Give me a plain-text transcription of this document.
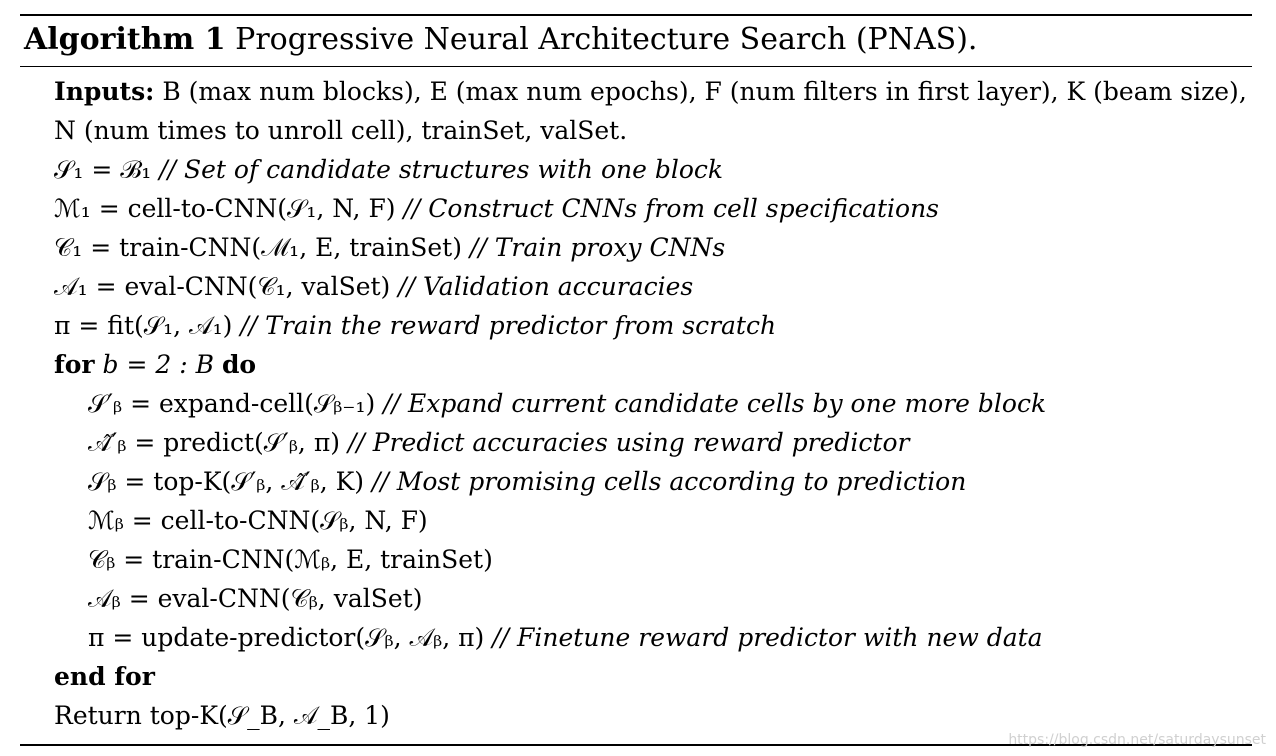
Algorithm 1 Progressive Neural Architecture Search (PNAS).
Inputs: B (max num blocks), E (max num epochs), F (num filters in first layer), K (beam size), N (num times to unroll cell), trainSet, valSet.
𝒮₁ = ℬ₁ // Set of candidate structures with one block
ℳ₁ = cell-to-CNN(𝒮₁, N, F) // Construct CNNs from cell specifications
𝒞₁ = train-CNN(ℳ₁, E, trainSet) // Train proxy CNNs
𝒜₁ = eval-CNN(𝒞₁, valSet) // Validation accuracies
π = fit(𝒮₁, 𝒜₁) // Train the reward predictor from scratch
for b = 2 : B do
𝒮′ᵦ = expand-cell(𝒮ᵦ₋₁) // Expand current candidate cells by one more block
𝒜̂′ᵦ = predict(𝒮′ᵦ, π) // Predict accuracies using reward predictor
𝒮ᵦ = top-K(𝒮′ᵦ, 𝒜̂′ᵦ, K) // Most promising cells according to prediction
ℳᵦ = cell-to-CNN(𝒮ᵦ, N, F)
𝒞ᵦ = train-CNN(ℳᵦ, E, trainSet)
𝒜ᵦ = eval-CNN(𝒞ᵦ, valSet)
π = update-predictor(𝒮ᵦ, 𝒜ᵦ, π) // Finetune reward predictor with new data
end for
Return top-K(𝒮_B, 𝒜_B, 1)
https://blog.csdn.net/saturdaysunset
